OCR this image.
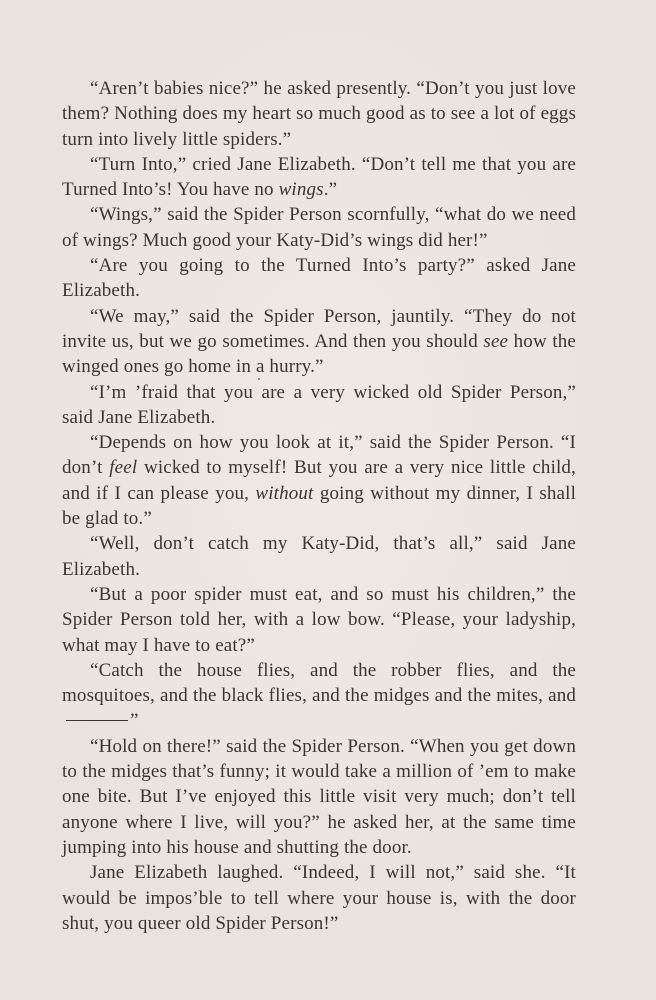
“Aren’t babies nice?” he asked presently. “Don’t you just love them? Nothing does my heart so much good as to see a lot of eggs turn into lively little spiders.”

“Turn Into,” cried Jane Elizabeth. “Don’t tell me that you are Turned Into’s! You have no wings.”

“Wings,” said the Spider Person scornfully, “what do we need of wings? Much good your Katy-Did’s wings did her!”

“Are you going to the Turned Into’s party?” asked Jane Elizabeth.

“We may,” said the Spider Person, jauntily. “They do not invite us, but we go sometimes. And then you should see how the winged ones go home in a hurry.”

“I’m ’fraid that you are a very wicked old Spider Person,” said Jane Elizabeth.

“Depends on how you look at it,” said the Spider Person. “I don’t feel wicked to myself! But you are a very nice little child, and if I can please you, without going without my dinner, I shall be glad to.”

“Well, don’t catch my Katy-Did, that’s all,” said Jane Elizabeth.

“But a poor spider must eat, and so must his children,” the Spider Person told her, with a low bow. “Please, your ladyship, what may I have to eat?”

“Catch the house flies, and the robber flies, and the mosquitoes, and the black flies, and the midges and the mites, and”

“Hold on there!” said the Spider Person. “When you get down to the midges that’s funny; it would take a million of ’em to make one bite. But I’ve enjoyed this little visit very much; don’t tell anyone where I live, will you?” he asked her, at the same time jumping into his house and shutting the door.

Jane Elizabeth laughed. “Indeed, I will not,” said she. “It would be impos’ble to tell where your house is, with the door shut, you queer old Spider Person!”
